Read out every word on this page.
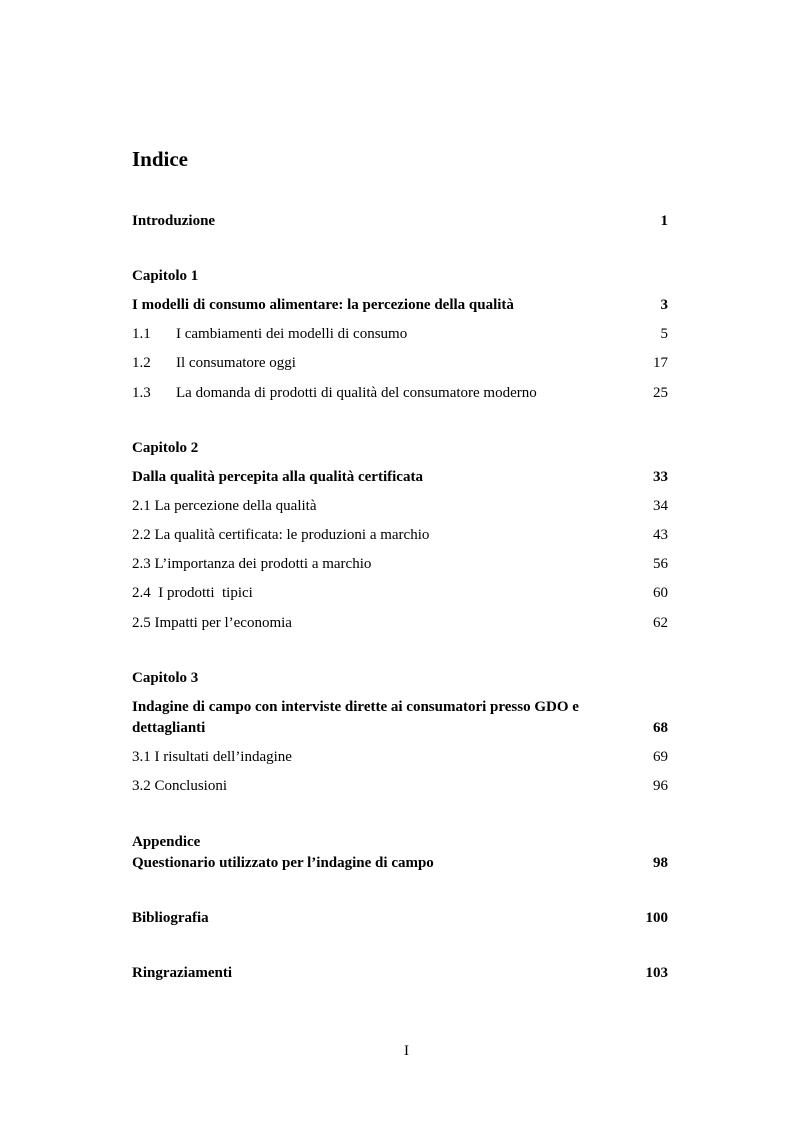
Indice
Introduzione	1
Capitolo 1
I modelli di consumo alimentare: la percezione della qualità	3
1.1 I cambiamenti dei modelli di consumo	5
1.2 Il consumatore oggi	17
1.3 La domanda di prodotti di qualità del consumatore moderno	25
Capitolo 2
Dalla qualità percepita alla qualità certificata	33
2.1 La percezione della qualità	34
2.2 La qualità certificata: le produzioni a marchio	43
2.3 L’importanza dei prodotti a marchio	56
2.4  I prodotti  tipici	60
2.5 Impatti per l’economia	62
Capitolo 3
Indagine di campo con interviste dirette ai consumatori presso GDO e
dettaglianti	68
3.1 I risultati dell’indagine	69
3.2 Conclusioni	96
Appendice
Questionario utilizzato per l’indagine di campo	98
Bibliografia	100
Ringraziamenti	103
I
